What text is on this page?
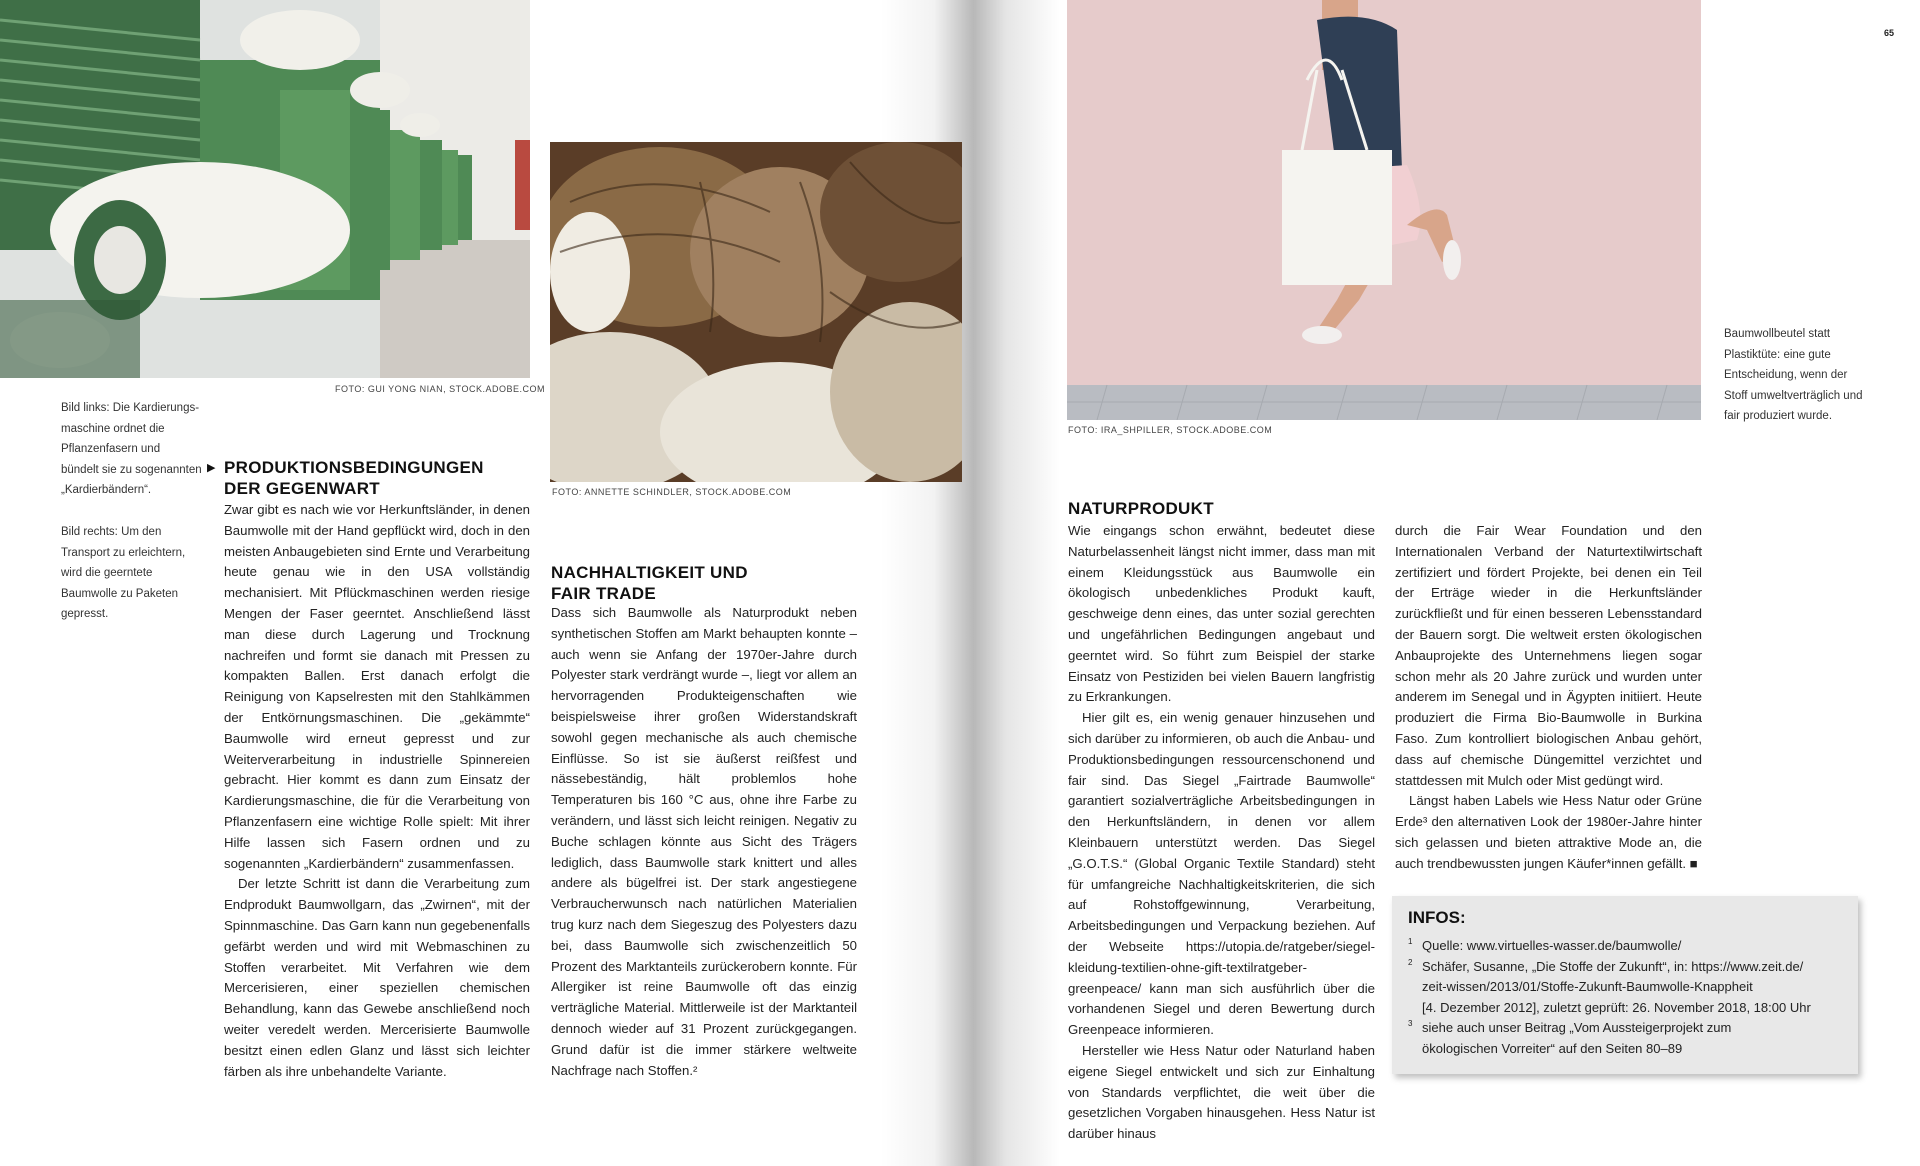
FOTO: GUI YONG NIAN, STOCK.ADOBE.COM
FOTO: ANNETTE SCHINDLER, STOCK.ADOBE.COM
Bild links: Die Kardierungs-
maschine ordnet die
Pflanzenfasern und
bündelt sie zu sogenannten
„Kardierbändern“.
Bild rechts: Um den
Transport zu erleichtern,
wird die geerntete
Baumwolle zu Paketen
gepresst.
▶ PRODUKTIONSBEDINGUNGEN
DER GEGENWART

Zwar gibt es nach wie vor Herkunftsländer, in denen Baumwolle mit der Hand gepflückt wird, doch in den meisten Anbaugebieten sind Ernte und Verarbeitung heute genau wie in den USA vollständig mechanisiert. Mit Pflückmaschinen werden riesige Mengen der Faser geerntet. Anschließend lässt man diese durch Lagerung und Trocknung nachreifen und formt sie danach mit Pressen zu kompakten Ballen. Erst danach erfolgt die Reinigung von Kapselresten mit den Stahlkämmen der Entkörnungsmaschinen. Die „gekämmte“ Baumwolle wird erneut gepresst und zur Weiterverarbeitung in industrielle Spinnereien gebracht. Hier kommt es dann zum Einsatz der Kardierungsmaschine, die für die Verarbeitung von Pflanzenfasern eine wichtige Rolle spielt: Mit ihrer Hilfe lassen sich Fasern ordnen und zu sogenannten „Kardierbändern“ zusammenfassen.

Der letzte Schritt ist dann die Verarbeitung zum Endprodukt Baumwollgarn, das „Zwirnen“, mit der Spinnmaschine. Das Garn kann nun gegebenenfalls gefärbt werden und wird mit Webmaschinen zu Stoffen verarbeitet. Mit Verfahren wie dem Mercerisieren, einer speziellen chemischen Behandlung, kann das Gewebe anschließend noch weiter veredelt werden. Mercerisierte Baumwolle besitzt einen edlen Glanz und lässt sich leichter färben als ihre unbehandelte Variante.

NACHHALTIGKEIT UND
FAIR TRADE

Dass sich Baumwolle als Naturprodukt neben synthetischen Stoffen am Markt behaupten konnte – auch wenn sie Anfang der 1970er-Jahre durch Polyester stark verdrängt wurde –, liegt vor allem an hervorragenden Produkteigenschaften wie beispielsweise ihrer großen Widerstandskraft sowohl gegen mechanische als auch chemische Einflüsse. So ist sie äußerst reißfest und nässebeständig, hält problemlos hohe Temperaturen bis 160 °C aus, ohne ihre Farbe zu verändern, und lässt sich leicht reinigen. Negativ zu Buche schlagen könnte aus Sicht des Trägers lediglich, dass Baumwolle stark knittert und alles andere als bügelfrei ist. Der stark angestiegene Verbraucherwunsch nach natürlichen Materialien trug kurz nach dem Siegeszug des Polyesters dazu bei, dass Baumwolle sich zwischenzeitlich 50 Prozent des Marktanteils zurückerobern konnte. Für Allergiker ist reine Baumwolle oft das einzig verträgliche Material. Mittlerweile ist der Marktanteil dennoch wieder auf 31 Prozent zurückgegangen. Grund dafür ist die immer stärkere weltweite Nachfrage nach Stoffen.²

65
FOTO: IRA_SHPILLER, STOCK.ADOBE.COM
Baumwollbeutel statt
Plastiktüte: eine gute
Entscheidung, wenn der
Stoff umweltverträglich und
fair produziert wurde.
NATURPRODUKT

Wie eingangs schon erwähnt, bedeutet diese Naturbelassenheit längst nicht immer, dass man mit einem Kleidungsstück aus Baumwolle ein ökologisch unbedenkliches Produkt kauft, geschweige denn eines, das unter sozial gerechten und ungefährlichen Bedingungen angebaut und geerntet wird. So führt zum Beispiel der starke Einsatz von Pestiziden bei vielen Bauern langfristig zu Erkrankungen.

Hier gilt es, ein wenig genauer hinzusehen und sich darüber zu informieren, ob auch die Anbau- und Produktionsbedingungen ressourcenschonend und fair sind. Das Siegel „Fairtrade Baumwolle“ garantiert sozialverträgliche Arbeitsbedingungen in den Herkunftsländern, in denen vor allem Kleinbauern unterstützt werden. Das Siegel „G.O.T.S.“ (Global Organic Textile Standard) steht für umfangreiche Nachhaltigkeitskriterien, die sich auf Rohstoffgewinnung, Verarbeitung, Arbeitsbedingungen und Verpackung beziehen. Auf der Webseite https://utopia.de/ratgeber/siegel-kleidung-textilien-ohne-gift-textilratgeber-greenpeace/ kann man sich ausführlich über die vorhandenen Siegel und deren Bewertung durch Greenpeace informieren.

Hersteller wie Hess Natur oder Naturland haben eigene Siegel entwickelt und sich zur Einhaltung von Standards verpflichtet, die weit über die gesetzlichen Vorgaben hinausgehen. Hess Natur ist darüber hinaus

durch die Fair Wear Foundation und den Internationalen Verband der Naturtextilwirtschaft zertifiziert und fördert Projekte, bei denen ein Teil der Erträge wieder in die Herkunftsländer zurückfließt und für einen besseren Lebensstandard der Bauern sorgt. Die weltweit ersten ökologischen Anbauprojekte des Unternehmens liegen sogar schon mehr als 20 Jahre zurück und wurden unter anderem im Senegal und in Ägypten initiiert. Heute produziert die Firma Bio-Baumwolle in Burkina Faso. Zum kontrolliert biologischen Anbau gehört, dass auf chemische Düngemittel verzichtet und stattdessen mit Mulch oder Mist gedüngt wird.

Längst haben Labels wie Hess Natur oder Grüne Erde³ den alternativen Look der 1980er-Jahre hinter sich gelassen und bieten attraktive Mode an, die auch trendbewussten jungen Käufer*innen gefällt. ■

INFOS:
1 Quelle: www.virtuelles-wasser.de/baumwolle/
2 Schäfer, Susanne, „Die Stoffe der Zukunft“, in: https://www.zeit.de/
zeit-wissen/2013/01/Stoffe-Zukunft-Baumwolle-Knappheit
[4. Dezember 2012], zuletzt geprüft: 26. November 2018, 18:00 Uhr
3 siehe auch unser Beitrag „Vom Aussteigerprojekt zum
ökologischen Vorreiter“ auf den Seiten 80–89
